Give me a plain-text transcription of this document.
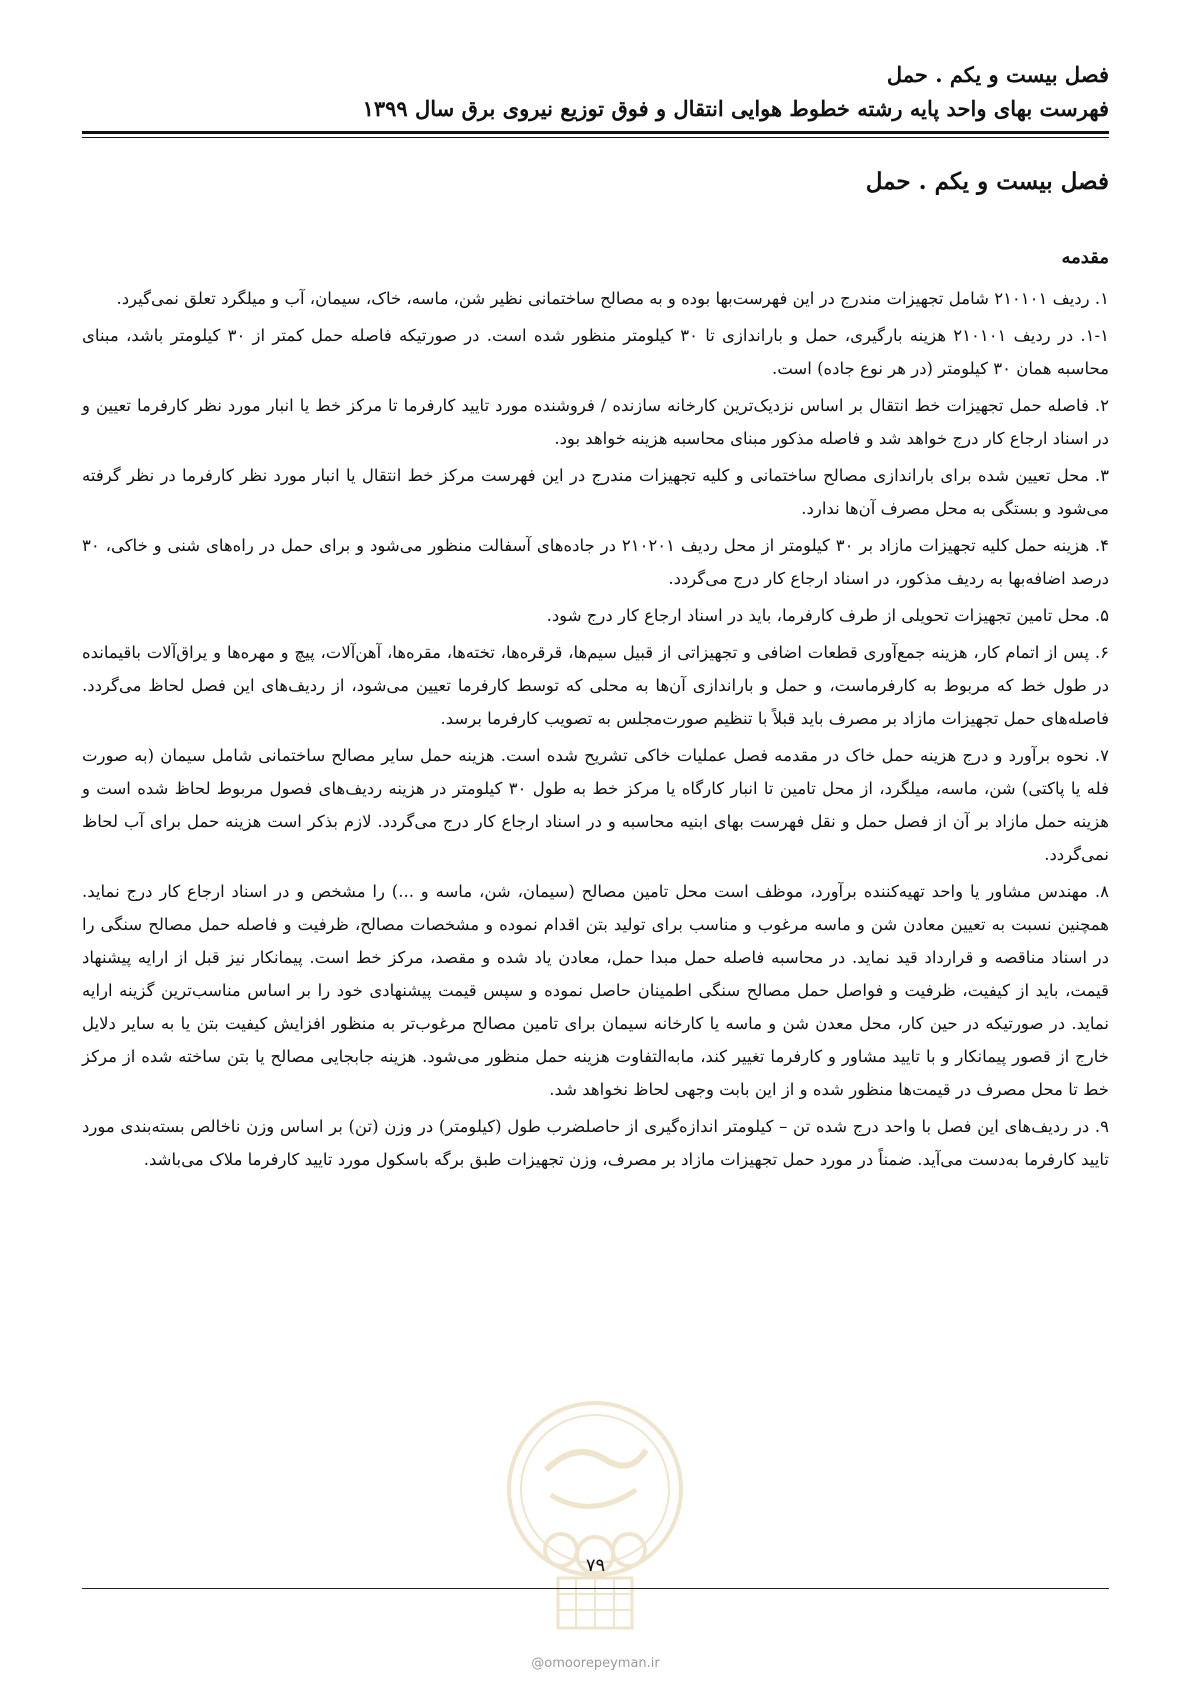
فصل بیست و یکم . حمل
فهرست بهای واحد پایه رشته خطوط هوایی انتقال و فوق توزیع نیروی برق سال ۱۳۹۹
فصل بیست و یکم . حمل
مقدمه

۱. ردیف ۲۱۰۱۰۱ شامل تجهیزات مندرج در این فهرست‌بها بوده و به مصالح ساختمانی نظیر شن، ماسه، خاک، سیمان، آب و میلگرد تعلق نمی‌گیرد.

۱-۱. در ردیف ۲۱۰۱۰۱ هزینه بارگیری، حمل و باراندازی تا ۳۰ کیلومتر منظور شده است. در صورتیکه فاصله حمل کمتر از ۳۰ کیلومتر باشد، مبنای محاسبه همان ۳۰ کیلومتر (در هر نوع جاده) است.

۲. فاصله حمل تجهیزات خط انتقال بر اساس نزدیک‌ترین کارخانه سازنده / فروشنده مورد تایید کارفرما تا مرکز خط یا انبار مورد نظر کارفرما تعیین و در اسناد ارجاع کار درج خواهد شد و فاصله مذکور مبنای محاسبه هزینه خواهد بود.

۳. محل تعیین شده برای باراندازی مصالح ساختمانی و کلیه تجهیزات مندرج در این فهرست مرکز خط انتقال یا انبار مورد نظر کارفرما در نظر گرفته می‌شود و بستگی به محل مصرف آن‌ها ندارد.

۴. هزینه حمل کلیه تجهیزات مازاد بر ۳۰ کیلومتر از محل ردیف ۲۱۰۲۰۱ در جاده‌های آسفالت منظور می‌شود و برای حمل در راه‌های شنی و خاکی، ۳۰ درصد اضافه‌بها به ردیف مذکور، در اسناد ارجاع کار درج می‌گردد.

۵. محل تامین تجهیزات تحویلی از طرف کارفرما، باید در اسناد ارجاع کار درج شود.

۶. پس از اتمام کار، هزینه جمع‌آوری قطعات اضافی و تجهیزاتی از قبیل سیم‌ها، قرقره‌ها، تخته‌ها، مقره‌ها، آهن‌آلات، پیچ و مهره‌ها و یراق‌آلات باقیمانده در طول خط که مربوط به کارفرماست، و حمل و باراندازی آن‌ها به محلی که توسط کارفرما تعیین می‌شود، از ردیف‌های این فصل لحاظ می‌گردد. فاصله‌های حمل تجهیزات مازاد بر مصرف باید قبلاً با تنظیم صورت‌مجلس به تصویب کارفرما برسد.

۷. نحوه برآورد و درج هزینه حمل خاک در مقدمه فصل عملیات خاکی تشریح شده است. هزینه حمل سایر مصالح ساختمانی شامل سیمان (به صورت فله یا پاکتی) شن، ماسه، میلگرد، از محل تامین تا انبار کارگاه یا مرکز خط به طول ۳۰ کیلومتر در هزینه ردیف‌های فصول مربوط لحاظ شده است و هزینه حمل مازاد بر آن از فصل حمل و نقل فهرست بهای ابنیه محاسبه و در اسناد ارجاع کار درج می‌گردد. لازم بذکر است هزینه حمل برای آب لحاظ نمی‌گردد.

۸. مهندس مشاور یا واحد تهیه‌کننده برآورد، موظف است محل تامین مصالح (سیمان، شن، ماسه و ...) را مشخص و در اسناد ارجاع کار درج نماید. همچنین نسبت به تعیین معادن شن و ماسه مرغوب و مناسب برای تولید بتن اقدام نموده و مشخصات مصالح، ظرفیت و فاصله حمل مصالح سنگی را در اسناد مناقصه و قرارداد قید نماید. در محاسبه فاصله حمل مبدا حمل، معادن یاد شده و مقصد، مرکز خط است. پیمانکار نیز قبل از ارایه پیشنهاد قیمت، باید از کیفیت، ظرفیت و فواصل حمل مصالح سنگی اطمینان حاصل نموده و سپس قیمت پیشنهادی خود را بر اساس مناسب‌ترین گزینه ارایه نماید. در صورتیکه در حین کار، محل معدن شن و ماسه یا کارخانه سیمان برای تامین مصالح مرغوب‌تر به منظور افزایش کیفیت بتن یا به سایر دلایل خارج از قصور پیمانکار و با تایید مشاور و کارفرما تغییر کند، مابه‌التفاوت هزینه حمل منظور می‌شود. هزینه جابجایی مصالح یا بتن ساخته شده از مرکز خط تا محل مصرف در قیمت‌ها منظور شده و از این بابت وجهی لحاظ نخواهد شد.

۹. در ردیف‌های این فصل با واحد درج شده تن – کیلومتر اندازه‌گیری از حاصلضرب طول (کیلومتر) در وزن (تن) بر اساس وزن ناخالص بسته‌بندی مورد تایید کارفرما به‌دست می‌آید. ضمناً در مورد حمل تجهیزات مازاد بر مصرف، وزن تجهیزات طبق برگه باسکول مورد تایید کارفرما ملاک می‌باشد.

۷۹
@omoorepeyman.ir
